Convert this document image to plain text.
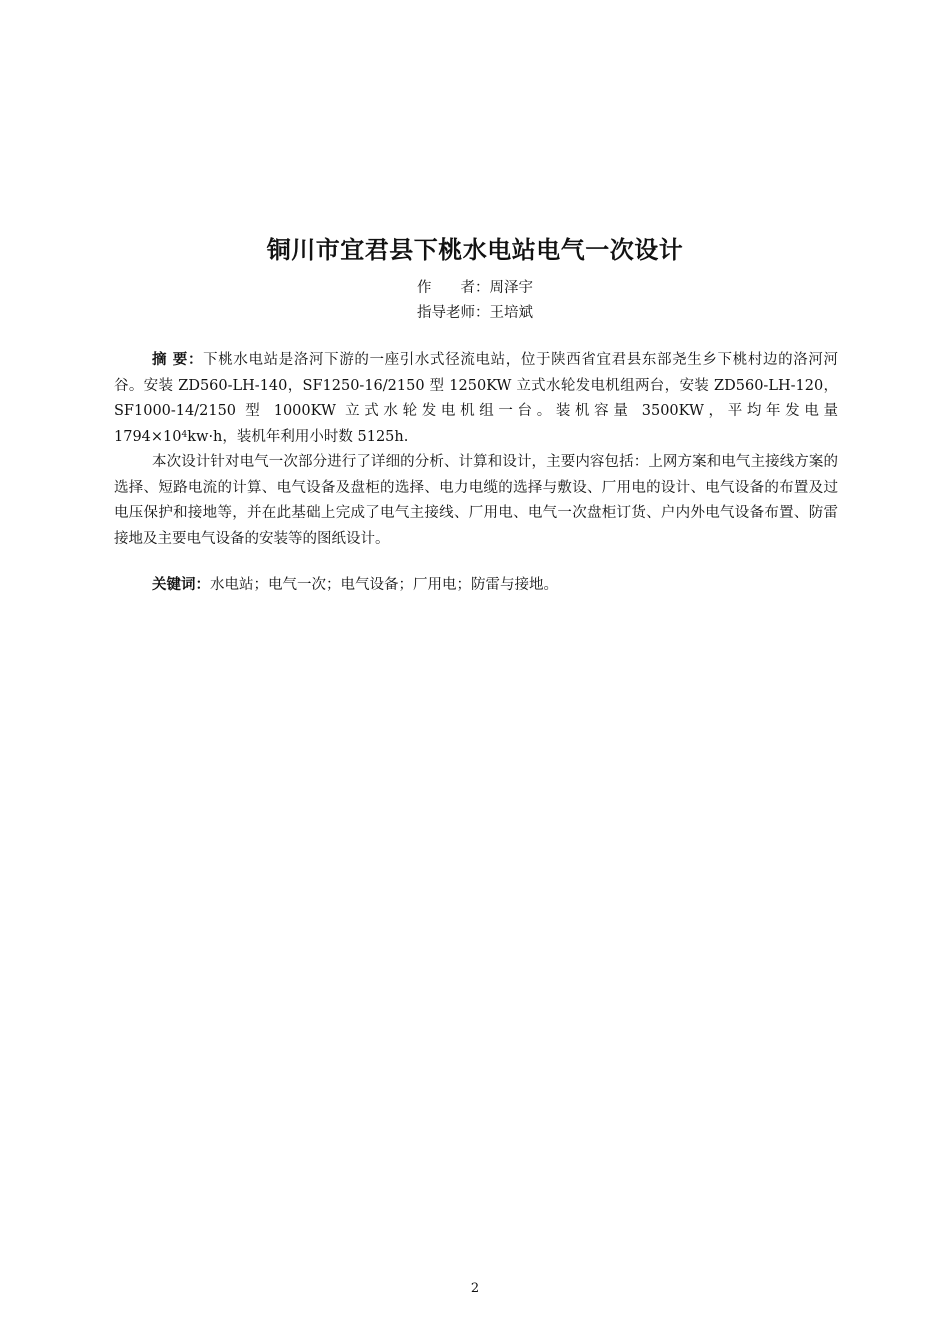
铜川市宜君县下桃水电站电气一次设计
作　　者：周泽宇
指导老师：王培斌

摘 要：下桃水电站是洛河下游的一座引水式径流电站，位于陕西省宜君县东部尧生乡下桃村边的洛河河谷。安装 ZD560-LH-140，SF1250-16/2150 型 1250KW 立式水轮发电机组两台，安装 ZD560-LH-120，SF1000-14/2150 型 1000KW 立式水轮发电机组一台。装机容量 3500KW，平均年发电量 $1794\times 10^4kw\cdot h$，装机年利用小时数 5125h.

本次设计针对电气一次部分进行了详细的分析、计算和设计，主要内容包括：上网方案和电气主接线方案的选择、短路电流的计算、电气设备及盘柜的选择、电力电缆的选择与敷设、厂用电的设计、电气设备的布置及过电压保护和接地等，并在此基础上完成了电气主接线、厂用电、电气一次盘柜订货、户内外电气设备布置、防雷接地及主要电气设备的安装等的图纸设计。

关键词：水电站；电气一次；电气设备；厂用电；防雷与接地。
2
